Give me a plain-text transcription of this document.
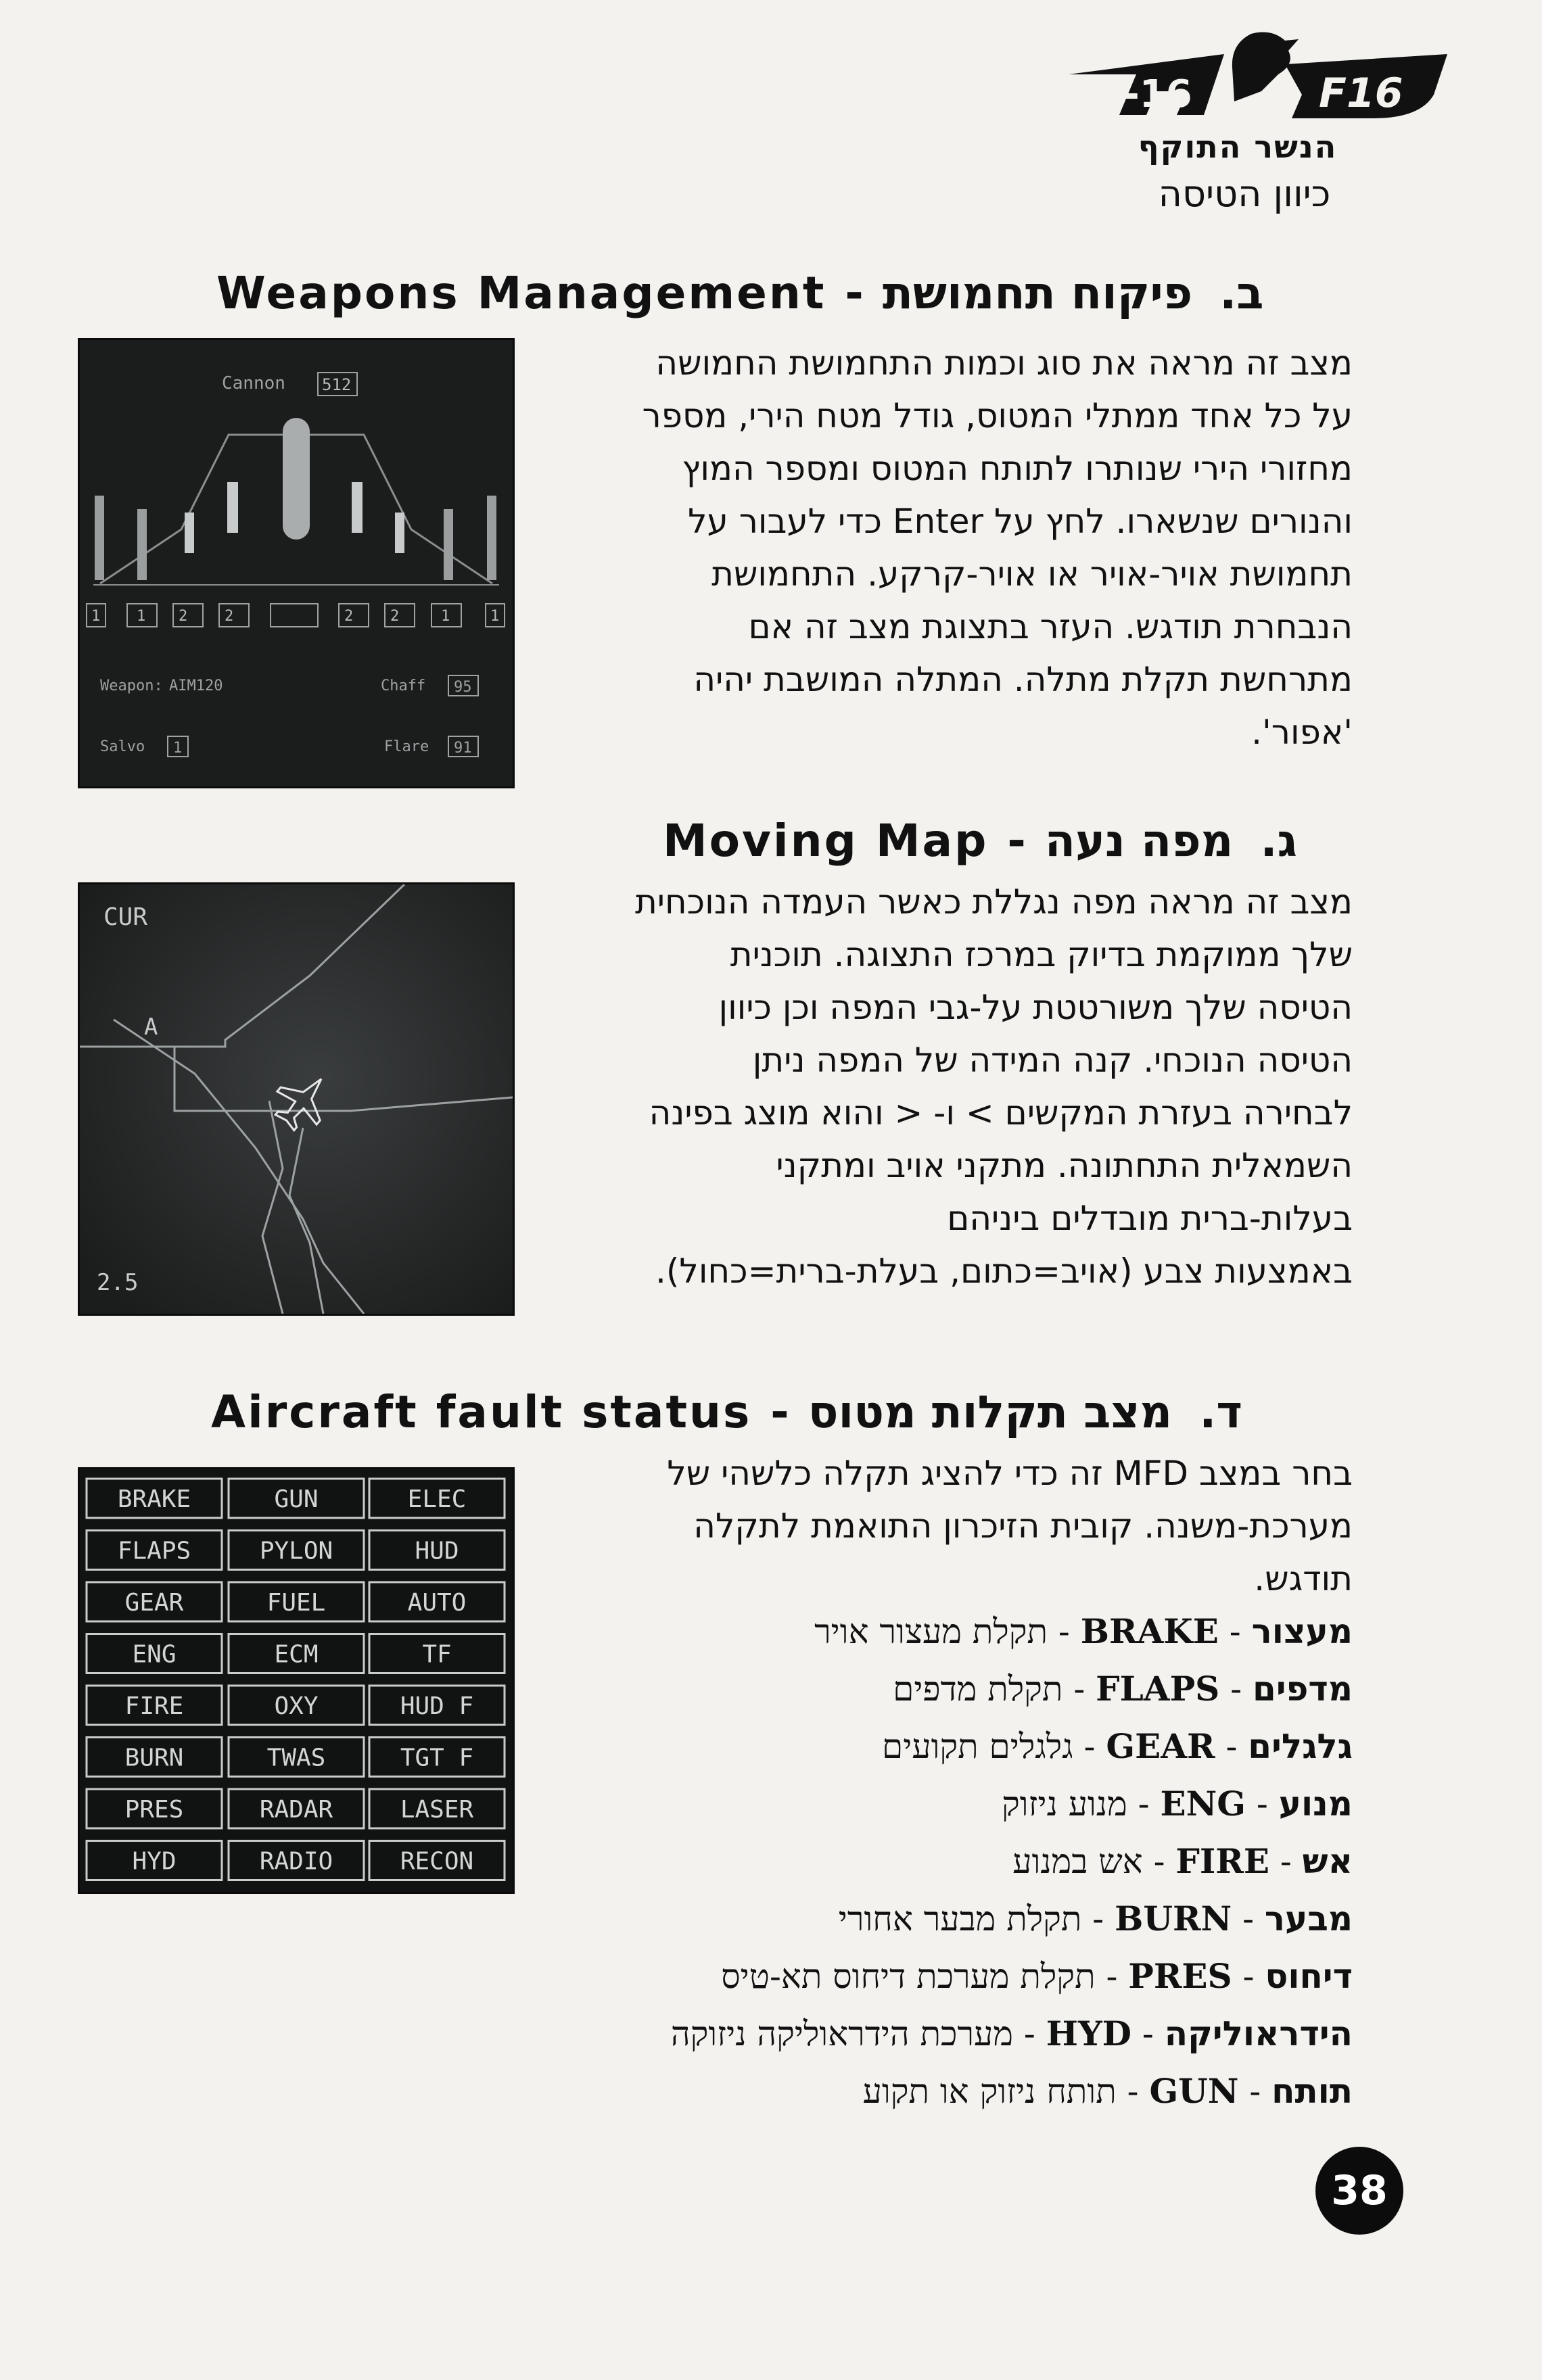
F-16	F16
הנשר התוקף
כיוון הטיסה
Weapons Management - פיקוח תחמושת ב.
Cannon 512
1 1 2 2	2 2	1	1
Weapon: AIM120	Chaff 95
Salvo 1	Flare 91

מצב זה מראה את סוג וכמות התחמושת החמושה

על כל אחד ממתלי המטוס, גודל מטח הירי, מספר

מחזורי הירי שנותרו לתותח המטוס ומספר המוץ

והנורים שנשארו. לחץ על Enter כדי לעבור על

תחמושת אויר-אויר או אויר-קרקע. התחמושת

הנבחרת תודגש. העזר בתצוגת מצב זה אם

מתרחשת תקלת מתלה. המתלה המושבת יהיה

'אפור'.

Moving Map - מפה נעה ג.
CUR
A
2.5

מצב זה מראה מפה נגללת כאשר העמדה הנוכחית

שלך ממוקמת בדיוק במרכז התצוגה. תוכנית

הטיסה שלך משורטטת על-גבי המפה וכן כיוון

הטיסה הנוכחי. קנה המידה של המפה ניתן

לבחירה בעזרת המקשים > ו- < והוא מוצג בפינה

השמאלית התחתונה. מתקני אויב ומתקני

בעלות-ברית מובדלים ביניהם

באמצעות צבע (אויב=כתום, בעלת-ברית=כחול).

Aircraft fault status - מצב תקלות מטוס ד.
BRAKE	GUN	ELEC
FLAPS	PYLON	HUD
GEAR	FUEL	AUTO
ENG	ECM	TF
FIRE	OXY	HUD F
BURN	TWAS	TGT F
PRES	RADAR	LASER
HYD	RADIO	RECON

בחר במצב MFD זה כדי להציג תקלה כלשהי של

מערכת-משנה. קובית הזיכרון התואמת לתקלה

תודגש.

מעצור - BRAKE - תקלת מעצור אויר
מדפים - FLAPS - תקלת מדפים
גלגלים - GEAR - גלגלים תקועים
מנוע - ENG - מנוע ניזוק
אש - FIRE - אש במנוע
מבער - BURN - תקלת מבער אחורי
דיחוס - PRES - תקלת מערכת דיחוס תא-טיס
הידראוליקה - HYD - מערכת הידראוליקה ניזוקה
תותח - GUN - תותח ניזוק או תקוע
38
